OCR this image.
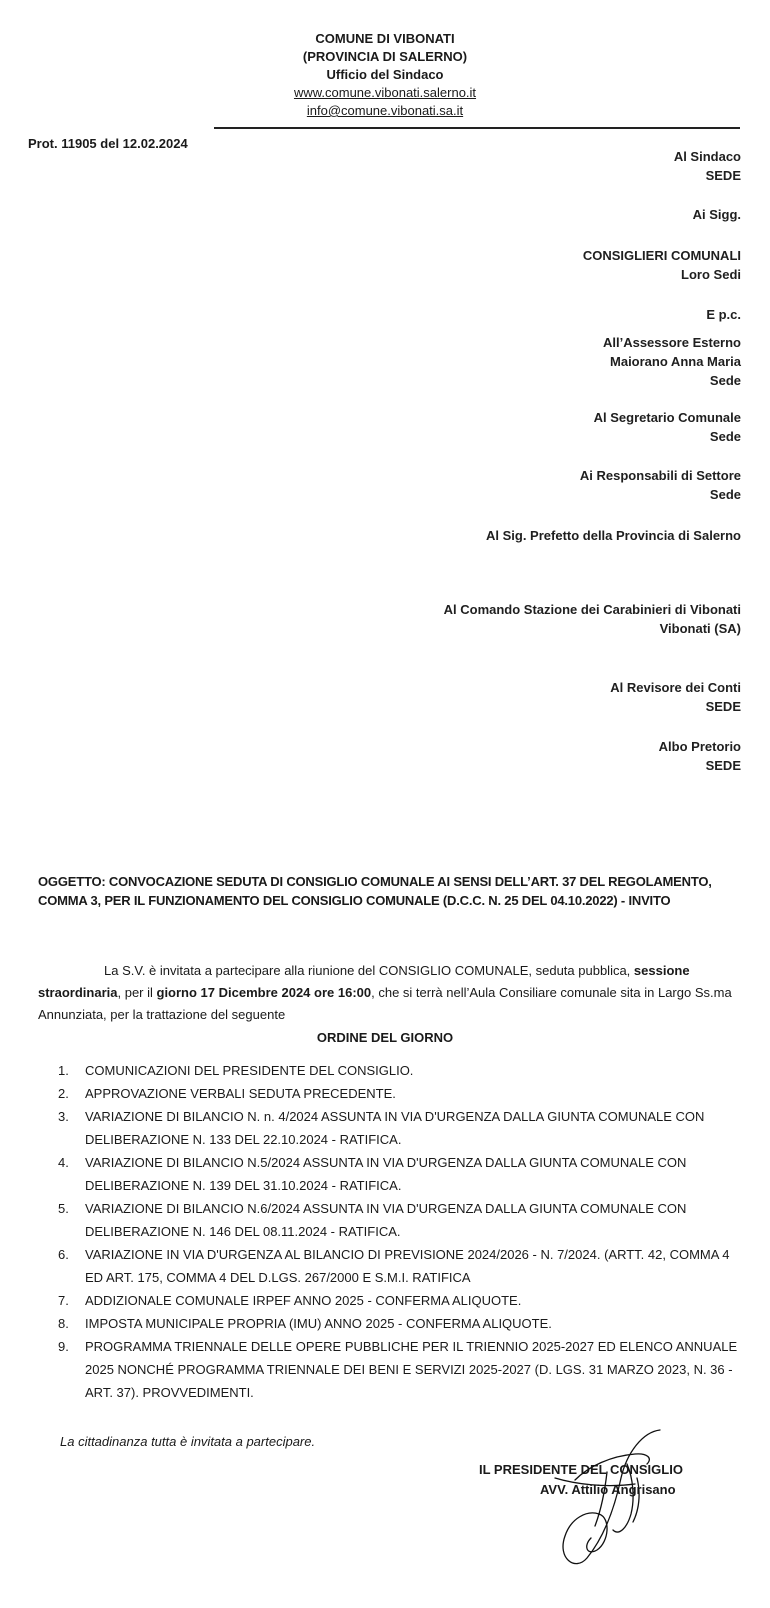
COMUNE DI VIBONATI
(PROVINCIA DI SALERNO)
Ufficio del Sindaco
www.comune.vibonati.salerno.it
info@comune.vibonati.sa.it
Prot. 11905 del 12.02.2024
Al Sindaco
SEDE
Ai Sigg.
CONSIGLIERI COMUNALI
Loro Sedi
E p.c.
All’Assessore Esterno
Maiorano Anna Maria
Sede
Al Segretario Comunale
Sede
Ai Responsabili di Settore
Sede
Al Sig. Prefetto della Provincia di Salerno
Al Comando Stazione dei Carabinieri di Vibonati
Vibonati (SA)
Al Revisore dei Conti
SEDE
Albo Pretorio
SEDE
OGGETTO: CONVOCAZIONE SEDUTA DI CONSIGLIO COMUNALE AI SENSI DELL’ART. 37 DEL REGOLAMENTO, COMMA 3, PER IL FUNZIONAMENTO DEL CONSIGLIO COMUNALE (D.C.C. N. 25 DEL 04.10.2022) - INVITO
La S.V. è invitata a partecipare alla riunione del CONSIGLIO COMUNALE, seduta pubblica, sessione straordinaria, per il giorno 17 Dicembre 2024 ore 16:00, che si terrà nell’Aula Consiliare comunale sita in Largo Ss.ma Annunziata, per la trattazione del seguente
ORDINE DEL GIORNO
1. COMUNICAZIONI DEL PRESIDENTE DEL CONSIGLIO.
2. APPROVAZIONE VERBALI SEDUTA PRECEDENTE.
3. VARIAZIONE DI BILANCIO N. n. 4/2024 ASSUNTA IN VIA D'URGENZA DALLA GIUNTA COMUNALE CON DELIBERAZIONE N. 133 DEL 22.10.2024 - RATIFICA.
4. VARIAZIONE DI BILANCIO N.5/2024 ASSUNTA IN VIA D'URGENZA DALLA GIUNTA COMUNALE CON DELIBERAZIONE N. 139 DEL 31.10.2024 - RATIFICA.
5. VARIAZIONE DI BILANCIO N.6/2024 ASSUNTA IN VIA D'URGENZA DALLA GIUNTA COMUNALE CON DELIBERAZIONE N. 146 DEL 08.11.2024 - RATIFICA.
6. VARIAZIONE IN VIA D'URGENZA AL BILANCIO DI PREVISIONE 2024/2026 - N. 7/2024. (ARTT. 42, COMMA 4 ED ART. 175, COMMA 4 DEL D.LGS. 267/2000 E S.M.I. RATIFICA
7. ADDIZIONALE COMUNALE IRPEF ANNO 2025 - CONFERMA ALIQUOTE.
8. IMPOSTA MUNICIPALE PROPRIA (IMU) ANNO 2025 - CONFERMA ALIQUOTE.
9. PROGRAMMA TRIENNALE DELLE OPERE PUBBLICHE PER IL TRIENNIO 2025-2027 ED ELENCO ANNUALE 2025 NONCHÉ PROGRAMMA TRIENNALE DEI BENI E SERVIZI 2025-2027 (D. LGS. 31 MARZO 2023, N. 36 - ART. 37). PROVVEDIMENTI.
La cittadinanza tutta è invitata a partecipare.
IL PRESIDENTE DEL CONSIGLIO
AVV. Attilio Angrisano
